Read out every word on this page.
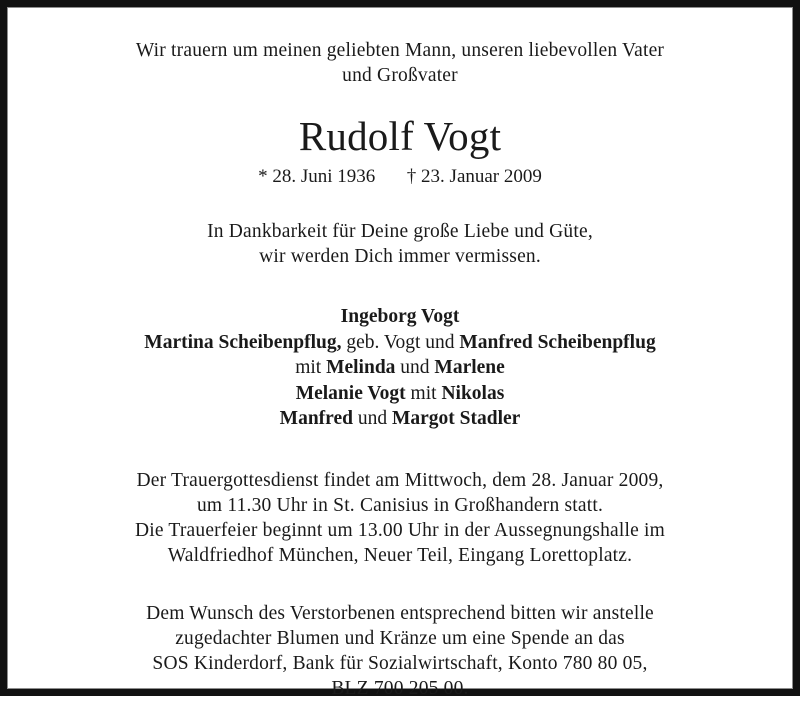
Wir trauern um meinen geliebten Mann, unseren liebevollen Vater
und Großvater
Rudolf Vogt
* 28. Juni 1936 † 23. Januar 2009
In Dankbarkeit für Deine große Liebe und Güte,
wir werden Dich immer vermissen.
Ingeborg Vogt
Martina Scheibenpflug, geb. Vogt und Manfred Scheibenpflug
mit Melinda und Marlene
Melanie Vogt mit Nikolas
Manfred und Margot Stadler
Der Trauergottesdienst findet am Mittwoch, dem 28. Januar 2009,
um 11.30 Uhr in St. Canisius in Großhandern statt.
Die Trauerfeier beginnt um 13.00 Uhr in der Aussegnungshalle im
Waldfriedhof München, Neuer Teil, Eingang Lorettoplatz.
Dem Wunsch des Verstorbenen entsprechend bitten wir anstelle
zugedachter Blumen und Kränze um eine Spende an das
SOS Kinderdorf, Bank für Sozialwirtschaft, Konto 780 80 05,
BLZ 700 205 00.
